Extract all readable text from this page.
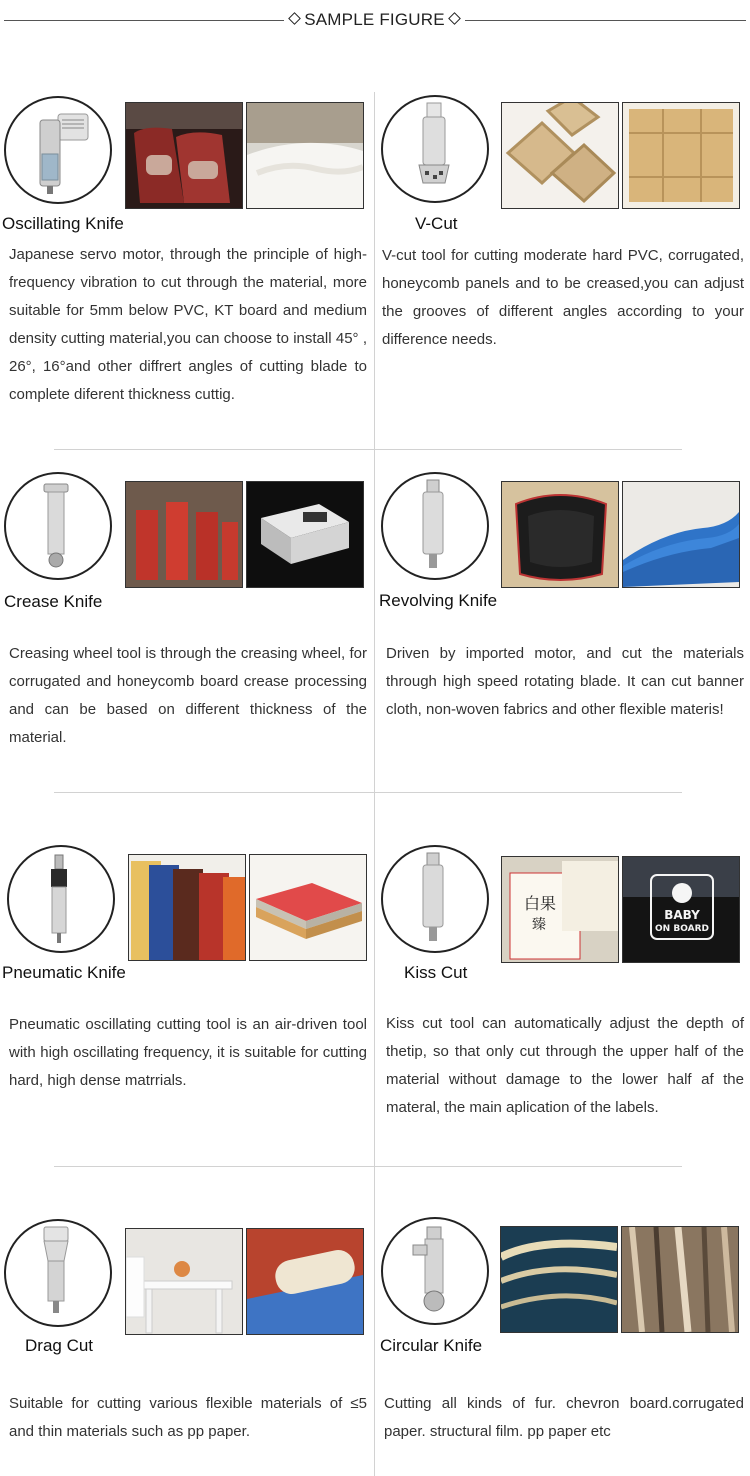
SAMPLE FIGURE
Oscillating Knife
Japanese servo motor, through the principle of high-frequency vibration to cut through the material, more suitable for 5mm below PVC, KT board and medium density cutting material,you can choose to install 45° , 26°, 16°and other diffrert angles of cutting blade to complete diferent thickness cuttig.
V-Cut
V-cut tool for cutting moderate hard PVC, corrugated, honeycomb panels and to be creased,you can adjust the grooves of different angles according to your difference needs.
Crease Knife
Creasing wheel tool is through the creasing wheel, for corrugated and honeycomb board crease processing and can be based on different thickness of the material.
Revolving Knife
Driven by imported motor, and cut the materials through high speed rotating blade. It can cut banner cloth, non-woven fabrics and other flexible materis!
Pneumatic Knife
Pneumatic oscillating cutting tool is an air-driven tool with high oscillating frequency, it is suitable for cutting hard, high dense matrrials.
白果
臻
BABY
ON BOARD
Kiss Cut
Kiss cut tool can automatically adjust the depth of thetip, so that only cut through the upper half of the material without damage to the lower half af the materal, the main aplication of the labels.
Drag Cut
Suitable for cutting various flexible materials of ≤5 and thin materials such as pp paper.
Circular Knife
Cutting all kinds of fur. chevron board.corrugated paper. structural film. pp paper etc
